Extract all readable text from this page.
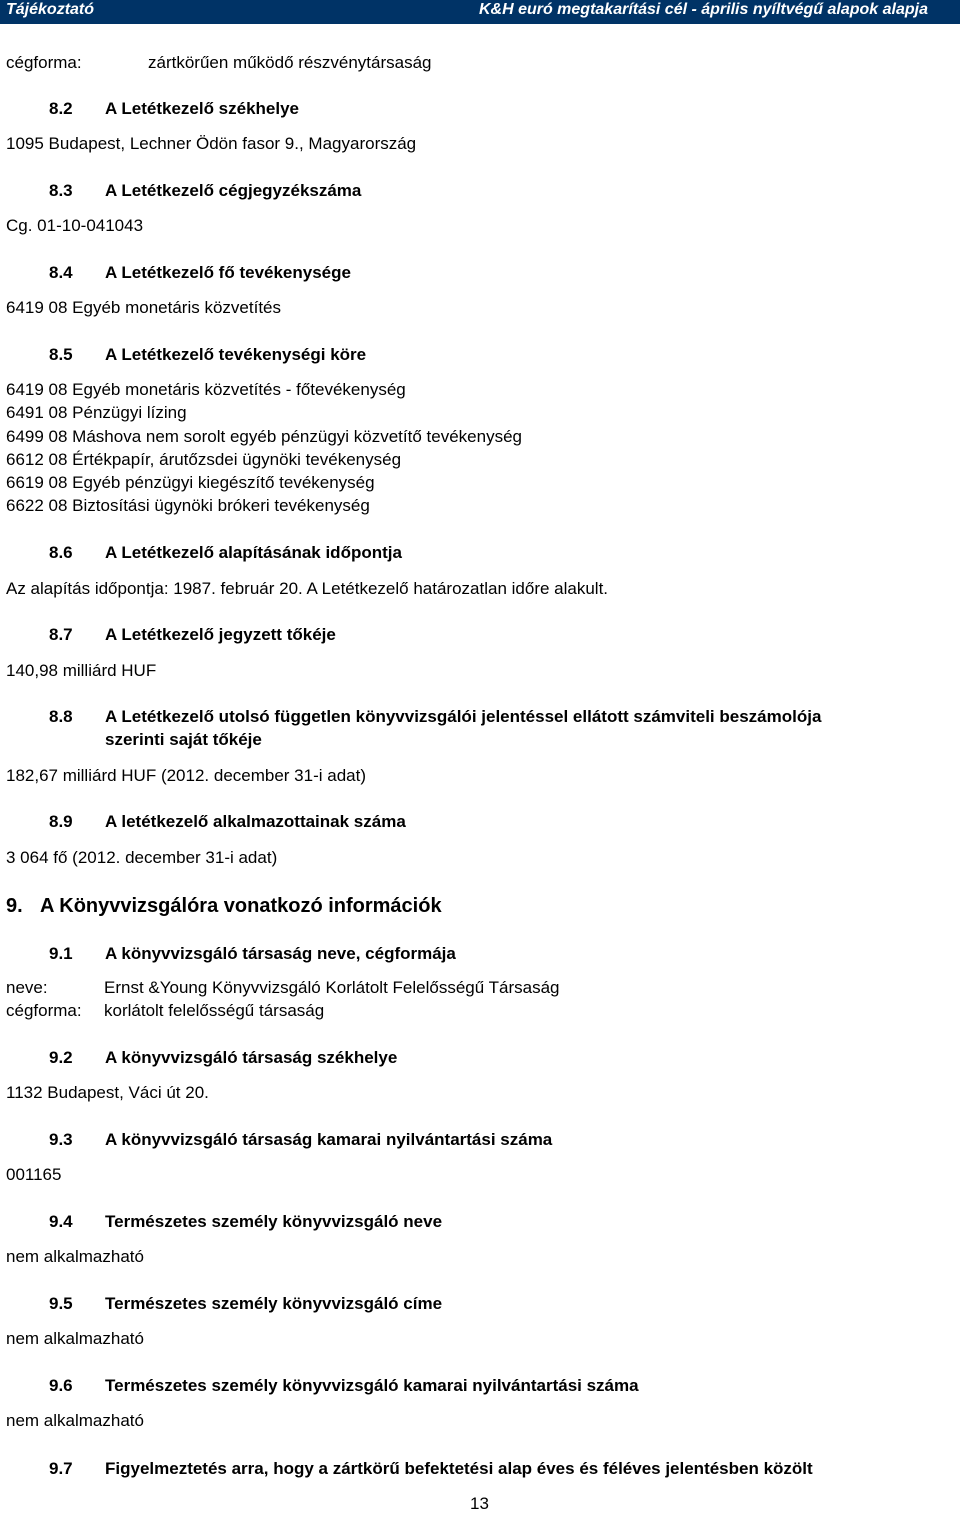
Tájékoztató	K&H euró megtakarítási cél - április nyíltvégű alapok alapja
cégforma:	zártkörűen működő részvénytársaság
8.2 A Letétkezelő székhelye
1095 Budapest, Lechner Ödön fasor 9., Magyarország
8.3 A Letétkezelő cégjegyzékszáma
Cg. 01-10-041043
8.4 A Letétkezelő fő tevékenysége
6419 08 Egyéb monetáris közvetítés
8.5 A Letétkezelő tevékenységi köre
6419 08 Egyéb monetáris közvetítés - főtevékenység
6491 08 Pénzügyi lízing
6499 08 Máshova nem sorolt egyéb pénzügyi közvetítő tevékenység
6612 08 Értékpapír, árutőzsdei ügynöki tevékenység
6619 08 Egyéb pénzügyi kiegészítő tevékenység
6622 08 Biztosítási ügynöki brókeri tevékenység
8.6 A Letétkezelő alapításának időpontja
Az alapítás időpontja: 1987. február 20. A Letétkezelő határozatlan időre alakult.
8.7 A Letétkezelő jegyzett tőkéje
140,98 milliárd HUF
8.8 A Letétkezelő utolsó független könyvvizsgálói jelentéssel ellátott számviteli beszámolója
szerinti saját tőkéje
182,67 milliárd HUF (2012. december 31-i adat)
8.9 A letétkezelő alkalmazottainak száma
3 064 fő (2012. december 31-i adat)
9. A Könyvvizsgálóra vonatkozó információk
9.1 A könyvvizsgáló társaság neve, cégformája
neve:	Ernst &Young Könyvvizsgáló Korlátolt Felelősségű Társaság
cégforma: korlátolt felelősségű társaság
9.2 A könyvvizsgáló társaság székhelye
1132 Budapest, Váci út 20.
9.3 A könyvvizsgáló társaság kamarai nyilvántartási száma
001165
9.4 Természetes személy könyvvizsgáló neve
nem alkalmazható
9.5 Természetes személy könyvvizsgáló címe
nem alkalmazható
9.6 Természetes személy könyvvizsgáló kamarai nyilvántartási száma
nem alkalmazható
9.7 Figyelmeztetés arra, hogy a zártkörű befektetési alap éves és féléves jelentésben közölt
13
